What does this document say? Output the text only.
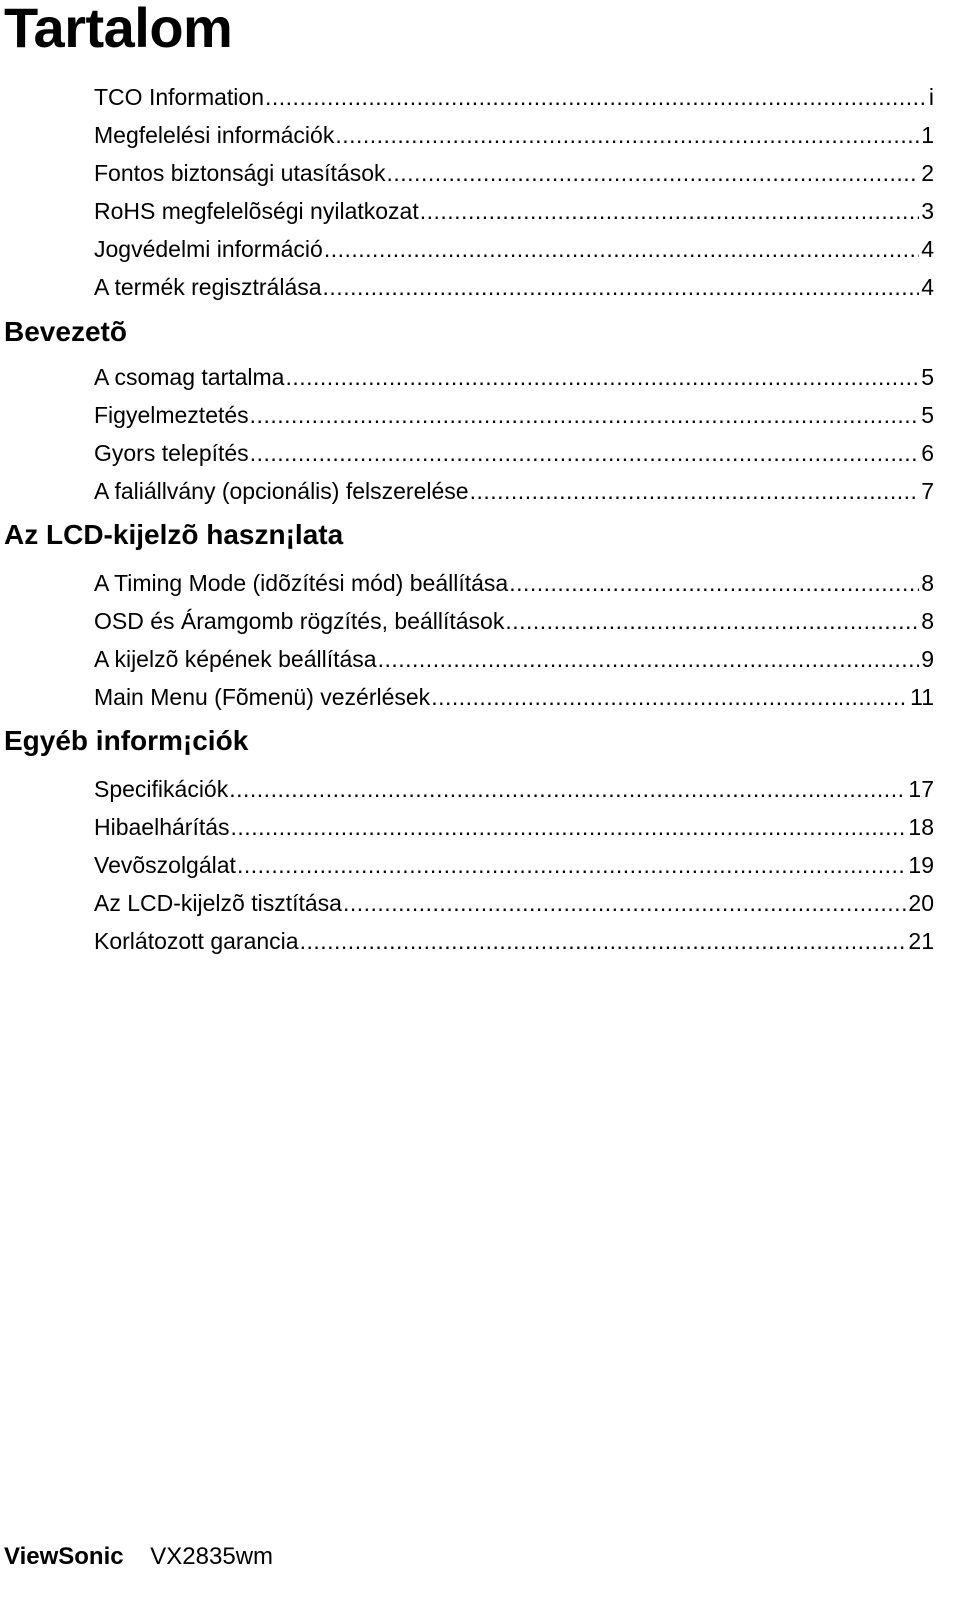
Tartalom
TCO Information .....	i
Megfelelési információk .....	1
Fontos biztonsági utasítások .....	2
RoHS megfelelõségi nyilatkozat .....	3
Jogvédelmi információ .....	4
A termék regisztrálása .....	4
Bevezetõ
A csomag tartalma .....	5
Figyelmeztetés .....	5
Gyors telepítés .....	6
A faliállvány (opcionális) felszerelése .....	7
Az LCD-kijelzõ haszn¡lata
A Timing Mode (idõzítési mód) beállítása .....	8
OSD és Áramgomb rögzítés, beállítások .....	8
A kijelzõ képének beállítása .....	9
Main Menu (Fõmenü) vezérlések .....	11
Egyéb inform¡ciók
Specifikációk .....	17
Hibaelhárítás .....	18
Vevõszolgálat .....	19
Az LCD-kijelzõ tisztítása .....	20
Korlátozott garancia .....	21
ViewSonic VX2835wm
